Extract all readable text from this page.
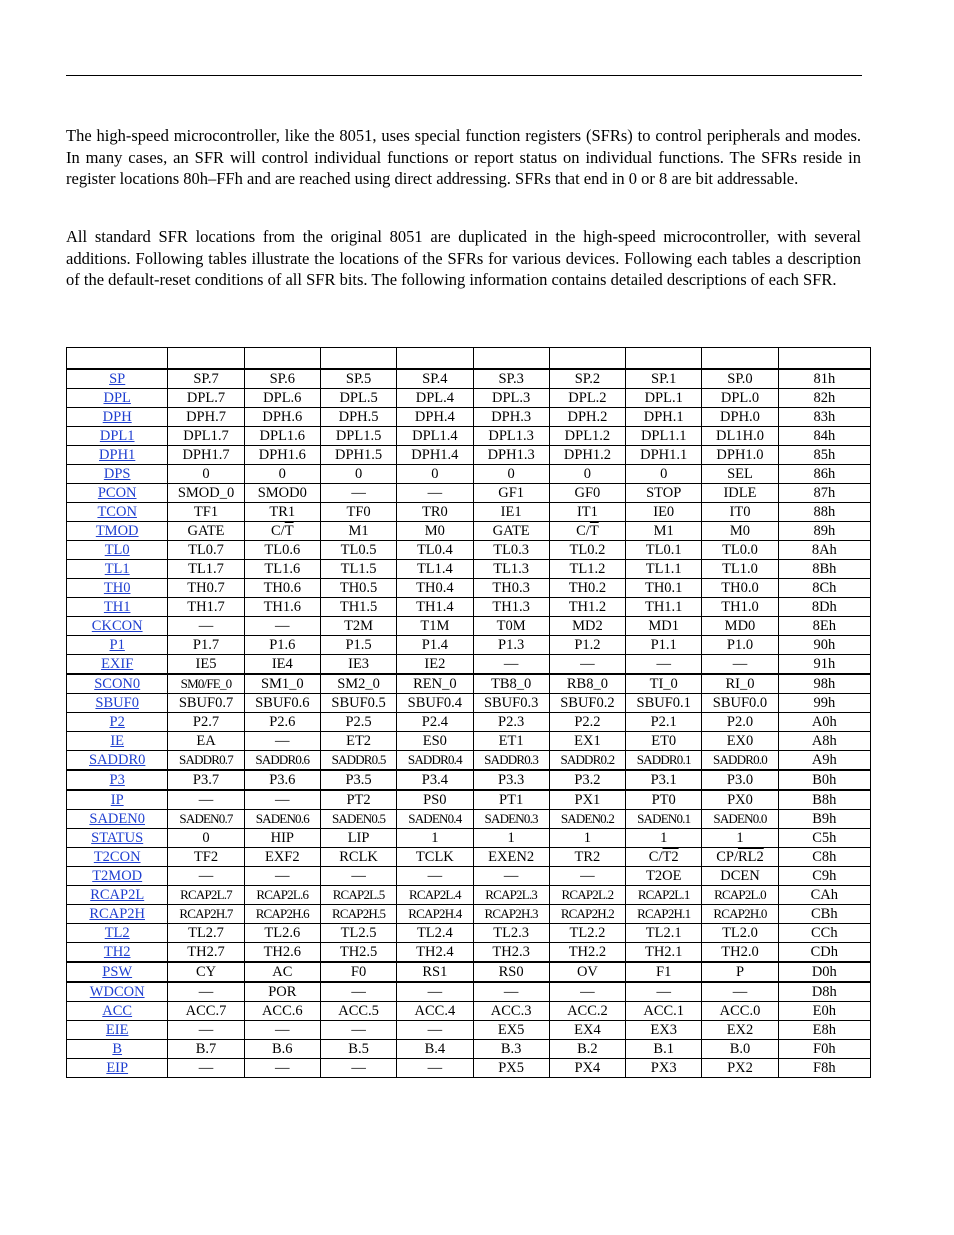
The high-speed microcontroller, like the 8051, uses special function registers (SFRs) to control peripherals and modes. In many cases, an SFR will control individual functions or report status on individual functions. The SFRs reside in register locations 80h–FFh and are reached using direct addressing. SFRs that end in 0 or 8 are bit addressable.

All standard SFR locations from the original 8051 are duplicated in the high-speed microcontroller, with several additions. Following tables illustrate the locations of the SFRs for various devices. Following each tables a description of the default-reset conditions of all SFR bits. The following information contains detailed descriptions of each SFR.

SP	SP.7	SP.6	SP.5	SP.4	SP.3	SP.2	SP.1	SP.0	81h
DPL	DPL.7	DPL.6	DPL.5	DPL.4	DPL.3	DPL.2	DPL.1	DPL.0	82h
DPH	DPH.7	DPH.6	DPH.5	DPH.4	DPH.3	DPH.2	DPH.1	DPH.0	83h
DPL1	DPL1.7	DPL1.6	DPL1.5	DPL1.4	DPL1.3	DPL1.2	DPL1.1	DL1H.0	84h
DPH1	DPH1.7	DPH1.6	DPH1.5	DPH1.4	DPH1.3	DPH1.2	DPH1.1	DPH1.0	85h
DPS	0	0	0	0	0	0	0	SEL	86h
PCON	SMOD_0	SMOD0	—	—	GF1	GF0	STOP	IDLE	87h
TCON	TF1	TR1	TF0	TR0	IE1	IT1	IE0	IT0	88h
TMOD	GATE	$C/\overline{T}$	M1	M0	GATE	$C/\overline{T}$	M1	M0	89h
TL0	TL0.7	TL0.6	TL0.5	TL0.4	TL0.3	TL0.2	TL0.1	TL0.0	8Ah
TL1	TL1.7	TL1.6	TL1.5	TL1.4	TL1.3	TL1.2	TL1.1	TL1.0	8Bh
TH0	TH0.7	TH0.6	TH0.5	TH0.4	TH0.3	TH0.2	TH0.1	TH0.0	8Ch
TH1	TH1.7	TH1.6	TH1.5	TH1.4	TH1.3	TH1.2	TH1.1	TH1.0	8Dh
CKCON	—	—	T2M	T1M	T0M	MD2	MD1	MD0	8Eh
P1	P1.7	P1.6	P1.5	P1.4	P1.3	P1.2	P1.1	P1.0	90h
EXIF	IE5	IE4	IE3	IE2	—	—	—	—	91h
SCON0	SM0/FE_0	SM1_0	SM2_0	REN_0	TB8_0	RB8_0	TI_0	RI_0	98h
SBUF0	SBUF0.7	SBUF0.6	SBUF0.5	SBUF0.4	SBUF0.3	SBUF0.2	SBUF0.1	SBUF0.0	99h
P2	P2.7	P2.6	P2.5	P2.4	P2.3	P2.2	P2.1	P2.0	A0h
IE	EA	—	ET2	ES0	ET1	EX1	ET0	EX0	A8h
SADDR0	SADDR0.7	SADDR0.6	SADDR0.5	SADDR0.4	SADDR0.3	SADDR0.2	SADDR0.1	SADDR0.0	A9h
P3	P3.7	P3.6	P3.5	P3.4	P3.3	P3.2	P3.1	P3.0	B0h
IP	—	—	PT2	PS0	PT1	PX1	PT0	PX0	B8h
SADEN0	SADEN0.7	SADEN0.6	SADEN0.5	SADEN0.4	SADEN0.3	SADEN0.2	SADEN0.1	SADEN0.0	B9h
STATUS	0	HIP	LIP	1	1	1	1	1	C5h
T2CON	TF2	EXF2	RCLK	TCLK	EXEN2	TR2	C/T2	CP/RL2	C8h
T2MOD	—	—	—	—	—	—	T2OE	DCEN	C9h
RCAP2L	RCAP2L.7	RCAP2L.6	RCAP2L.5	RCAP2L.4	RCAP2L.3	RCAP2L.2	RCAP2L.1	RCAP2L.0	CAh
RCAP2H	RCAP2H.7	RCAP2H.6	RCAP2H.5	RCAP2H.4	RCAP2H.3	RCAP2H.2	RCAP2H.1	RCAP2H.0	CBh
TL2	TL2.7	TL2.6	TL2.5	TL2.4	TL2.3	TL2.2	TL2.1	TL2.0	CCh
TH2	TH2.7	TH2.6	TH2.5	TH2.4	TH2.3	TH2.2	TH2.1	TH2.0	CDh
PSW	CY	AC	F0	RS1	RS0	OV	F1	P	D0h
WDCON	—	POR	—	—	—	—	—	—	D8h
ACC	ACC.7	ACC.6	ACC.5	ACC.4	ACC.3	ACC.2	ACC.1	ACC.0	E0h
EIE	—	—	—	—	EX5	EX4	EX3	EX2	E8h
B	B.7	B.6	B.5	B.4	B.3	B.2	B.1	B.0	F0h
EIP	—	—	—	—	PX5	PX4	PX3	PX2	F8h
